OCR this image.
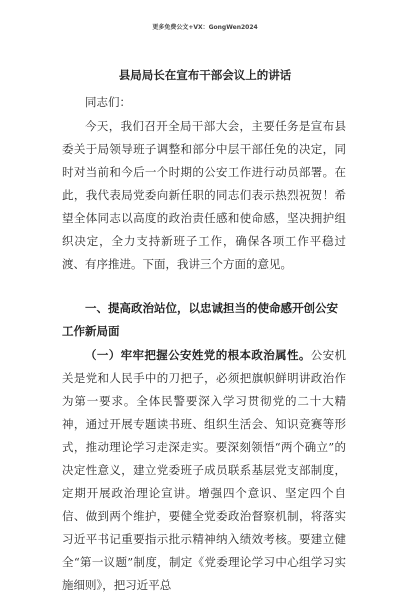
更多免费公文+VX：GongWen2024
县局局长在宣布干部会议上的讲话
同志们：
今天，我们召开全局干部大会，主要任务是宣布县委关于局领导班子调整和部分中层干部任免的决定，同时对当前和今后一个时期的公安工作进行动员部署。在此，我代表局党委向新任职的同志们表示热烈祝贺！希望全体同志以高度的政治责任感和使命感，坚决拥护组织决定，全力支持新班子工作，确保各项工作平稳过渡、有序推进。下面，我讲三个方面的意见。
一、提高政治站位，以忠诚担当的使命感开创公安工作新局面
（一）牢牢把握公安姓党的根本政治属性。公安机关是党和人民手中的刀把子，必须把旗帜鲜明讲政治作为第一要求。全体民警要深入学习贯彻党的二十大精神，通过开展专题读书班、组织生活会、知识竞赛等形式，推动理论学习走深走实。要深刻领悟“两个确立”的决定性意义，建立党委班子成员联系基层党支部制度，定期开展政治理论宣讲。增强四个意识、坚定四个自信、做到两个维护，要健全党委政治督察机制，将落实习近平书记重要指示批示精神纳入绩效考核。要建立健全“第一议题”制度，制定《党委理论学习中心组学习实施细则》，把习近平总
